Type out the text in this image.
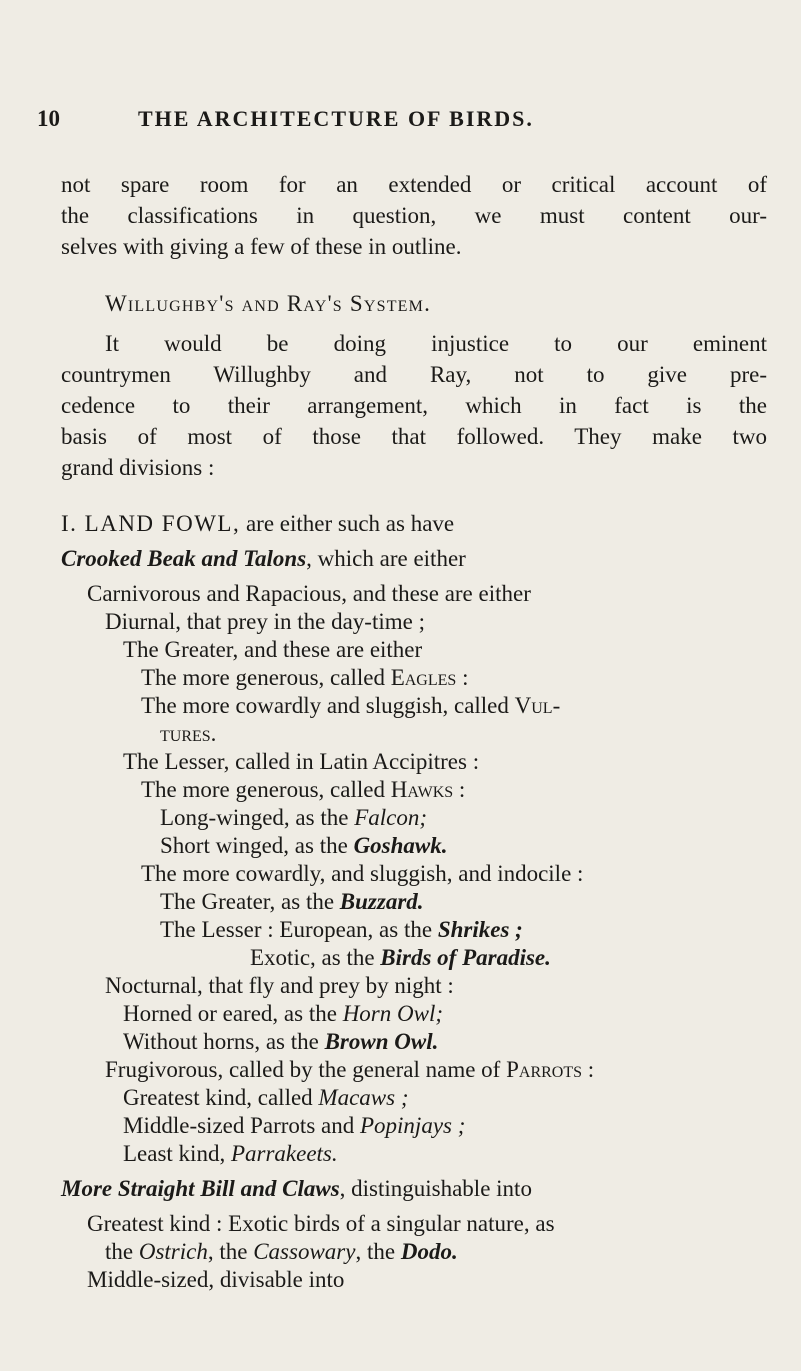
10	THE ARCHITECTURE OF BIRDS.
not spare room for an extended or critical account of
the classifications in question, we must content our-
selves with giving a few of these in outline.
Willughby's and Ray's System.
It would be doing injustice to our eminent
countrymen Willughby and Ray, not to give pre-
cedence to their arrangement, which in fact is the
basis of most of those that followed. They make two
grand divisions :
I. LAND FOWL, are either such as have
Crooked Beak and Talons, which are either
Carnivorous and Rapacious, and these are either
Diurnal, that prey in the day-time ;
The Greater, and these are either
The more generous, called Eagles :
The more cowardly and sluggish, called Vul-
tures.
The Lesser, called in Latin Accipitres :
The more generous, called Hawks :
Long-winged, as the Falcon;
Short winged, as the Goshawk.
The more cowardly, and sluggish, and indocile :
The Greater, as the Buzzard.
The Lesser : European, as the Shrikes ;
Exotic, as the Birds of Paradise.
Nocturnal, that fly and prey by night :
Horned or eared, as the Horn Owl;
Without horns, as the Brown Owl.
Frugivorous, called by the general name of Parrots :
Greatest kind, called Macaws ;
Middle-sized Parrots and Popinjays ;
Least kind, Parrakeets.
More Straight Bill and Claws, distinguishable into
Greatest kind : Exotic birds of a singular nature, as
the Ostrich, the Cassowary, the Dodo.
Middle-sized, divisable into
